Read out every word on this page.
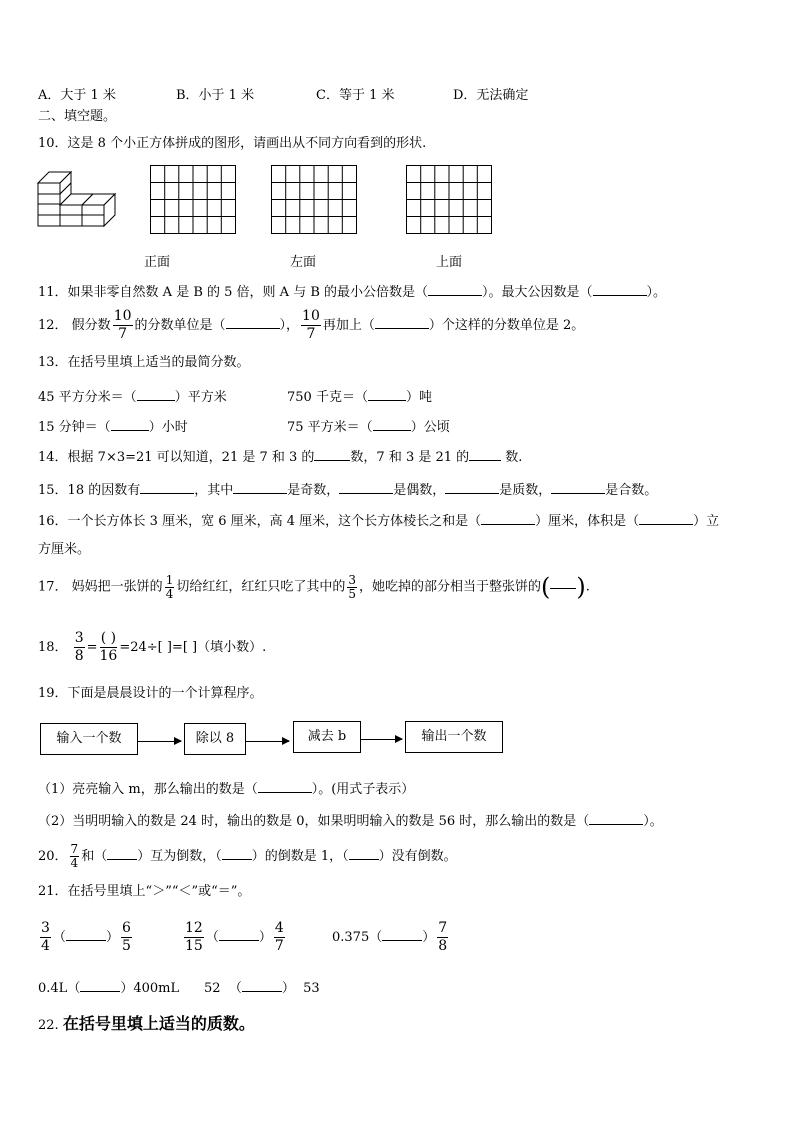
A．大于 1 米	B．小于 1 米	C．等于 1 米	D．无法确定
二、填空题。
10．这是 8 个小正方体拼成的图形，请画出从不同方向看到的形状.
正面	左面	上面
11．如果非零自然数 A 是 B 的 5 倍，则 A 与 B 的最小公倍数是（	）。最大公因数是（	）。
12． 假分数 $\frac{10}{7}$ 的分数单位是（	）， $\frac{10}{7}$ 再加上（	）个这样的分数单位是 2。
13．在括号里填上适当的最简分数。
45 平方分米＝（	）平方米	750 千克＝（	）吨
15 分钟＝（	）小时	75 平方米＝（	）公顷
14．根据 7×3=21 可以知道，21 是 7 和 3 的	数，7 和 3 是 21 的 数.
15．18 的因数有	，其中	是奇数，	是偶数，	是质数，	是合数。
16．一个长方体长 3 厘米，宽 6 厘米，高 4 厘米，这个长方体棱长之和是（	）厘米，体积是（	）立
方厘米。
17． 妈妈把一张饼的 $\frac{1}{4}$ 切给红红，红红只吃了其中的 $\frac{3}{5}$ ，她吃掉的部分相当于整张饼的( ).
18． $\frac{3}{8} = \frac{( )}{16} =24\div$[ ]=[ ]（填小数）.
19．下面是晨晨设计的一个计算程序。
输入一个数	除以 8	减去 b	输出一个数
（1）亮亮输入 m，那么输出的数是（	）。(用式子表示）
（2）当明明输入的数是 24 时，输出的数是 0，如果明明输入的数是 56 时，那么输出的数是（	）。
20． $\frac{7}{4}$ 和（ ）互为倒数，（ ）的倒数是 1，（ ）没有倒数。
21．在括号里填上“＞”“＜”或“＝”。
$\frac{3}{4}$ （	） $\frac{6}{5}$	$\frac{12}{15}$ （	） $\frac{4}{7}$	0.375（	） $\frac{7}{8}$
0.4L（	）400mL 52 （	） 53
22. 在括号里填上适当的质数。
